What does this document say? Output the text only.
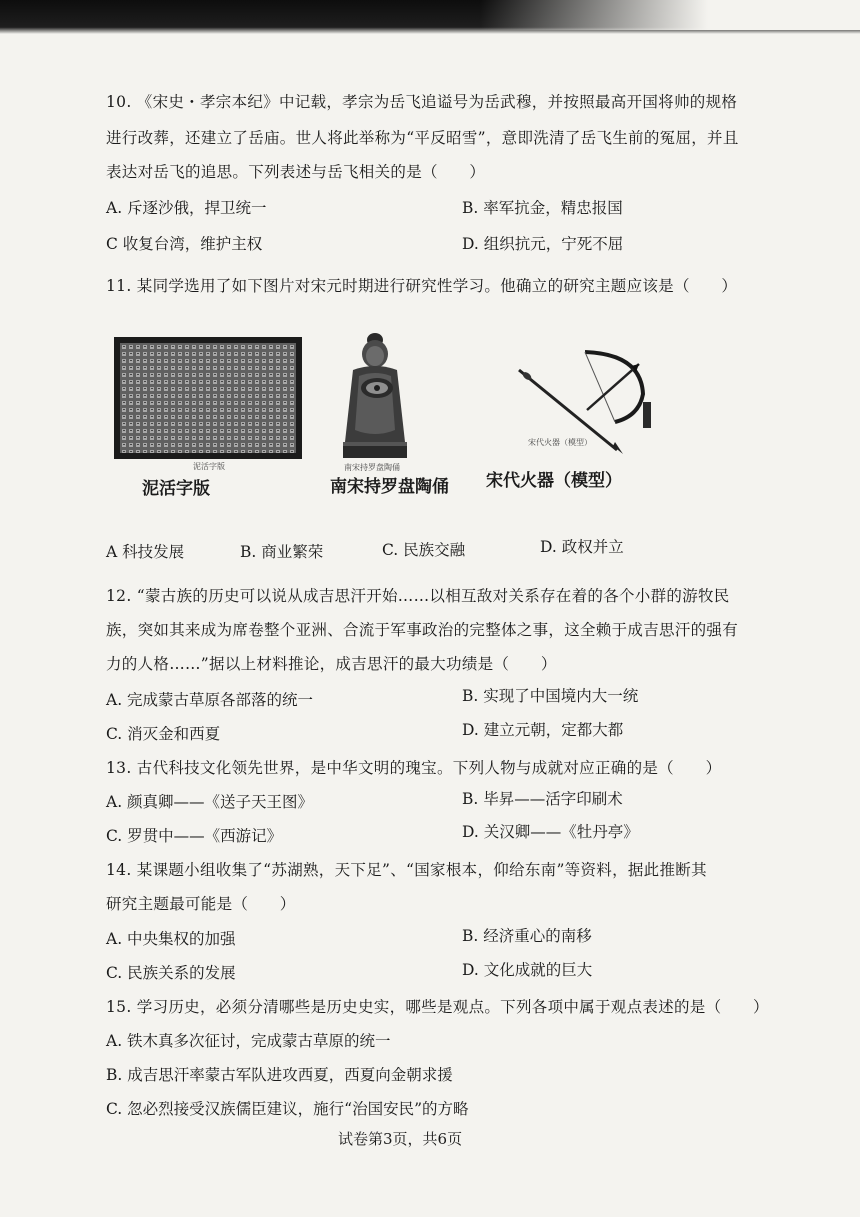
10. 《宋史・孝宗本纪》中记载，孝宗为岳飞追谥号为岳武穆，并按照最高开国将帅的规格
进行改葬，还建立了岳庙。世人将此举称为“平反昭雪”，意即洗清了岳飞生前的冤屈，并且
表达对岳飞的追思。下列表述与岳飞相关的是（　　）
A. 斥逐沙俄，捍卫统一	B. 率军抗金，精忠报国
C 收复台湾，维护主权	D. 组织抗元，宁死不屈
11. 某同学选用了如下图片对宋元时期进行研究性学习。他确立的研究主题应该是（　　）
泥活字版
泥活字版
南宋持罗盘陶俑
南宋持罗盘陶俑
宋代火器（模型）
宋代火器（模型）
A 科技发展	B. 商业繁荣	C. 民族交融	D. 政权并立
12. “蒙古族的历史可以说从成吉思汗开始……以相互敌对关系存在着的各个小群的游牧民
族，突如其来成为席卷整个亚洲、合流于军事政治的完整体之事，这全赖于成吉思汗的强有
力的人格……”据以上材料推论，成吉思汗的最大功绩是（　　）
A. 完成蒙古草原各部落的统一	B. 实现了中国境内大一统
C. 消灭金和西夏	D. 建立元朝，定都大都
13. 古代科技文化领先世界，是中华文明的瑰宝。下列人物与成就对应正确的是（　　）
A. 颜真卿——《送子天王图》	B. 毕昇——活字印刷术
C. 罗贯中——《西游记》	D. 关汉卿——《牡丹亭》
14. 某课题小组收集了“苏湖熟，天下足”、“国家根本，仰给东南”等资料，据此推断其
研究主题最可能是（　　）
A. 中央集权的加强	B. 经济重心的南移
C. 民族关系的发展	D. 文化成就的巨大
15. 学习历史，必须分清哪些是历史史实，哪些是观点。下列各项中属于观点表述的是（　　）
A. 铁木真多次征讨，完成蒙古草原的统一
B. 成吉思汗率蒙古军队进攻西夏，西夏向金朝求援
C. 忽必烈接受汉族儒臣建议，施行“治国安民”的方略
试卷第3页，共6页
